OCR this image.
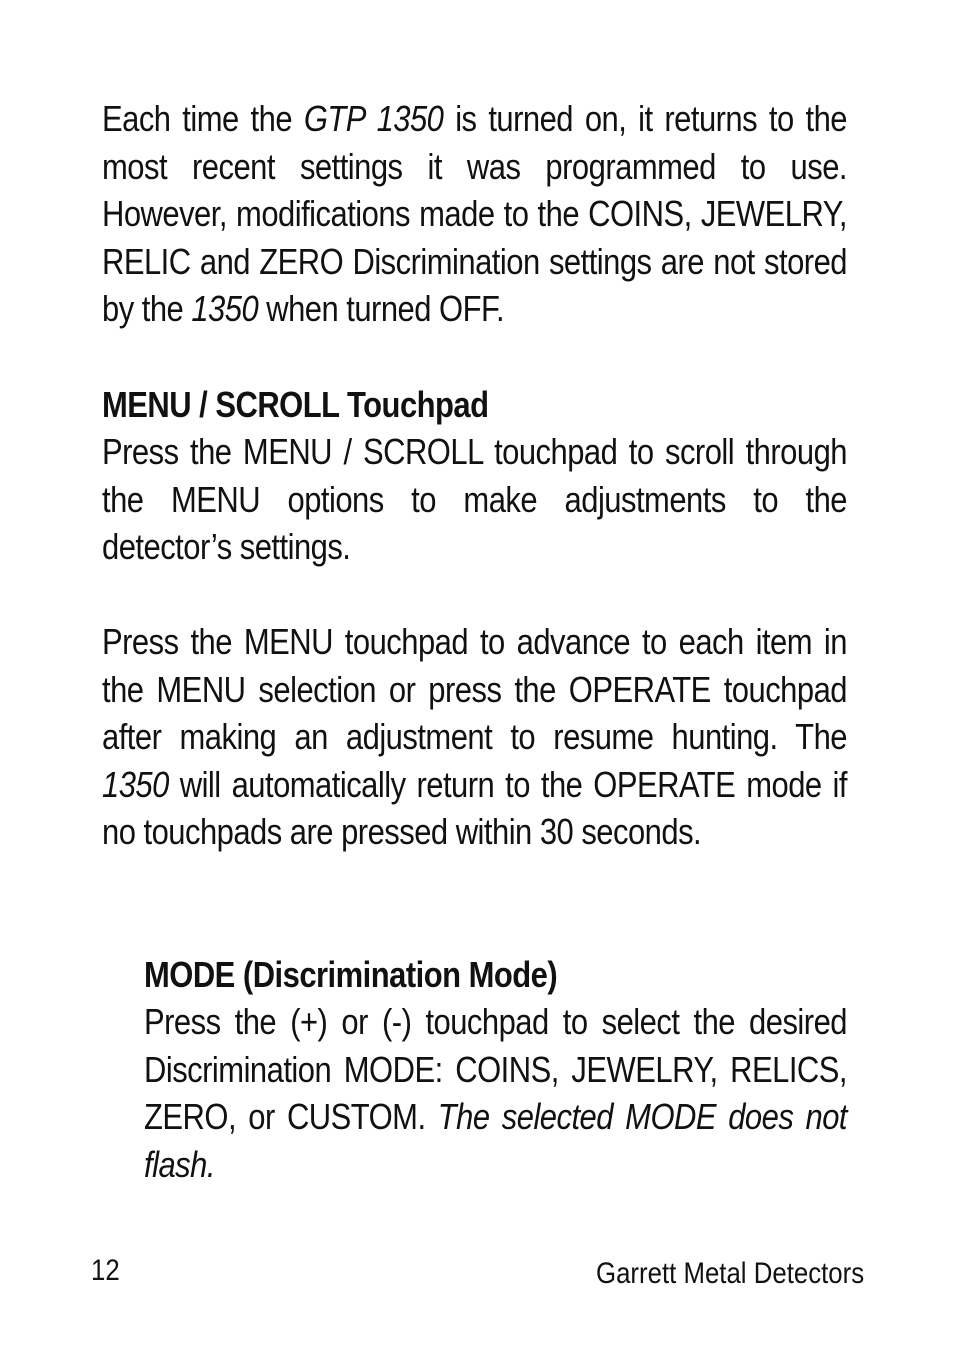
Each time the GTP 1350 is turned on, it returns to the most recent settings it was programmed to use. However, modifications made to the COINS, JEWELRY, RELIC and ZERO Discrimination settings are not stored by the 1350 when turned OFF.

MENU / SCROLL Touchpad

Press the MENU / SCROLL touchpad to scroll through the MENU options to make adjustments to the detector’s settings.

Press the MENU touchpad to advance to each item in the MENU selection or press the OPERATE touchpad after making an adjustment to resume hunting. The 1350 will automatically return to the OPERATE mode if no touchpads are pressed within 30 seconds.

MODE (Discrimination Mode)

Press the (+) or (-) touchpad to select the desired Discrimination MODE: COINS, JEWELRY, RELICS, ZERO, or CUSTOM. The selected MODE does not flash.

12	Garrett Metal Detectors
